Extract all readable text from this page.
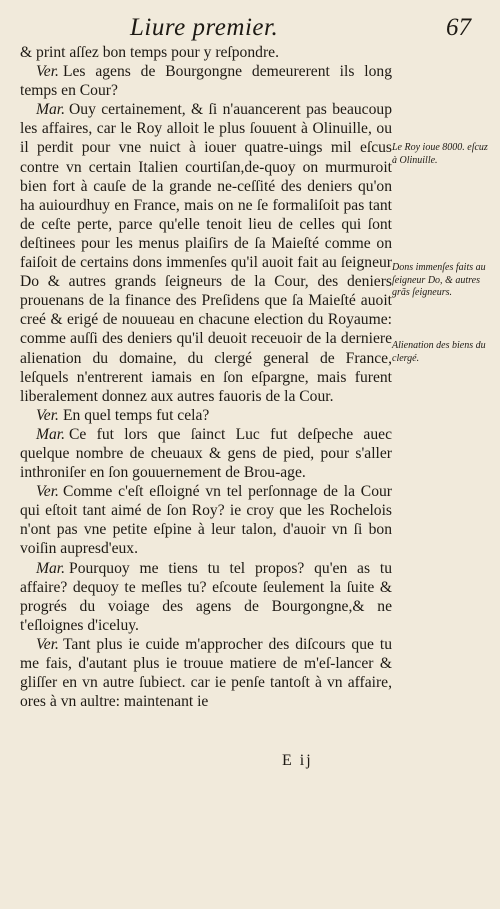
Liure premier.	67

& print aſſez bon temps pour y reſpondre.

Ver. Les agens de Bourgongne demeurerent ils long temps en Cour?

Mar. Ouy certainement, & ſi n'auancerent pas beaucoup les affaires, car le Roy alloit le plus ſouuent à Olinuille, ou il perdit pour vne nuict à iouer quatre-uings mil eſcus contre vn certain Italien courtiſan,de-quoy on murmuroit bien fort à cauſe de la grande ne-ceſſité des deniers qu'on ha auiourdhuy en France, mais on ne ſe formaliſoit pas tant de ceſte perte, parce qu'elle tenoit lieu de celles qui ſont deſtinees pour les menus plaiſirs de ſa Maieſté comme on faiſoit de certains dons immenſes qu'il auoit fait au ſeigneur Do & autres grands ſeigneurs de la Cour, des deniers prouenans de la finance des Preſidens que ſa Maieſté auoit creé & erigé de nouueau en chacune election du Royaume: comme auſſi des deniers qu'il deuoit receuoir de la derniere alienation du domaine, du clergé general de France, leſquels n'entrerent iamais en ſon eſpargne, mais furent liberalement donnez aux autres fauoris de la Cour.

Ver. En quel temps fut cela?

Mar. Ce fut lors que ſainct Luc fut deſpeche auec quelque nombre de cheuaux & gens de pied, pour s'aller inthroniſer en ſon gouuernement de Brou-age.

Ver. Comme c'eſt eſloigné vn tel perſonnage de la Cour qui eſtoit tant aimé de ſon Roy? ie croy que les Rochelois n'ont pas vne petite eſpine à leur talon, d'auoir vn ſi bon voiſin aupresd'eux.

Mar. Pourquoy me tiens tu tel propos? qu'en as tu affaire? dequoy te meſles tu? eſcoute ſeulement la ſuite & progrés du voiage des agens de Bourgongne,& ne t'eſloignes d'iceluy.

Ver. Tant plus ie cuide m'approcher des diſcours que tu me fais, d'autant plus ie trouue matiere de m'eſ-lancer & gliſſer en vn autre ſubiect. car ie penſe tantoſt à vn affaire, ores à vn aultre: maintenant ie

Le Roy ioue 8000. eſcuz à Olinuille.
Dons immenſes faits au ſeigneur Do, & autres grãs ſeigneurs.
Alienation des biens du clergé.
E ij
